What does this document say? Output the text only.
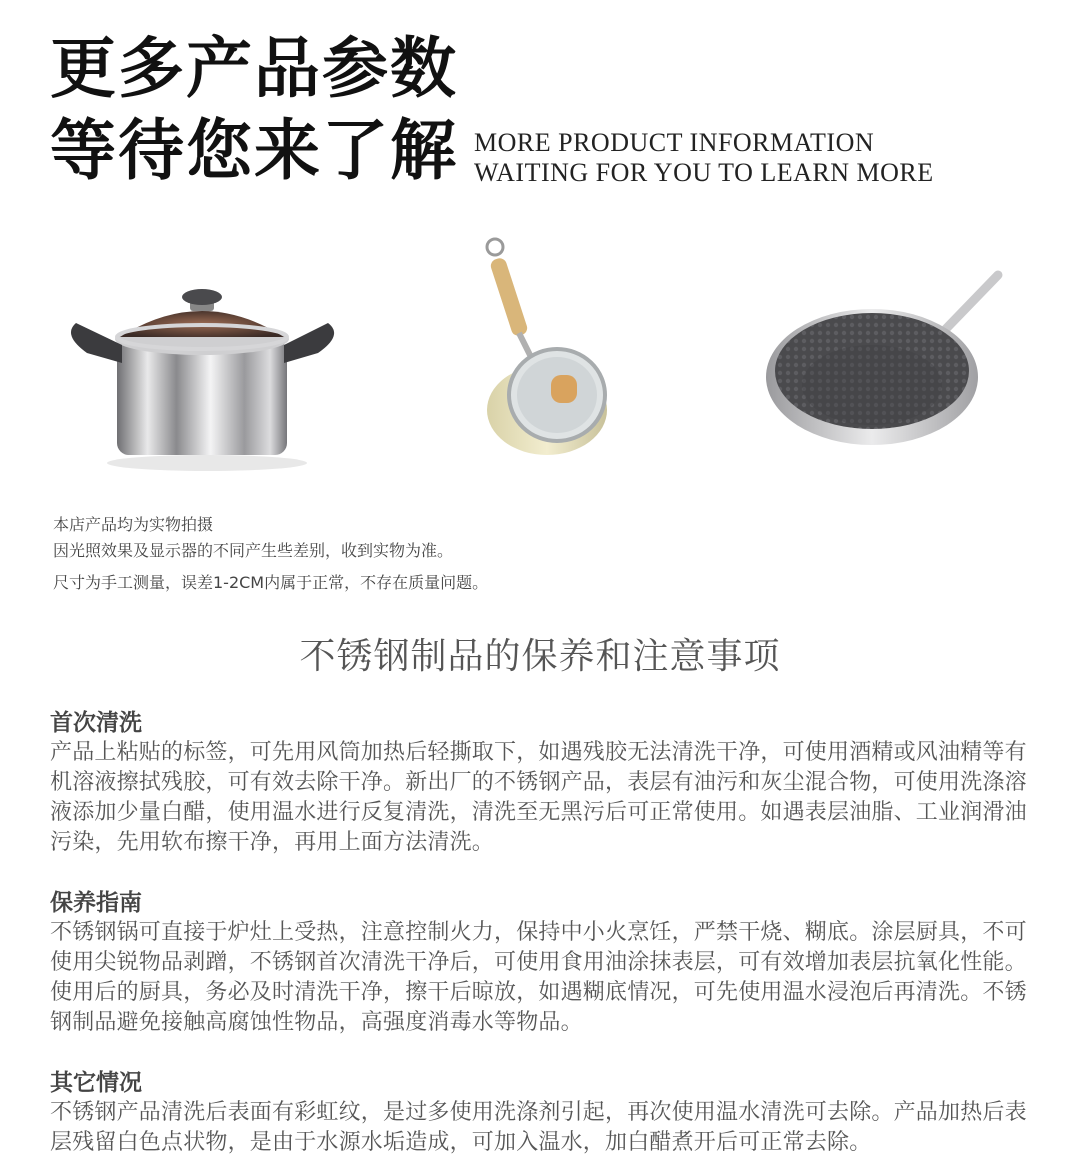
更多产品参数
等待您来了解 MORE PRODUCT INFORMATION
WAITING FOR YOU TO LEARN MORE
本店产品均为实物拍摄
因光照效果及显示器的不同产生些差别，收到实物为准。
尺寸为手工测量，误差1-2CM内属于正常，不存在质量问题。
不锈钢制品的保养和注意事项
首次清洗

产品上粘贴的标签，可先用风筒加热后轻撕取下，如遇残胶无法清洗干净，可使用酒精或风油精等有机溶液擦拭残胶，可有效去除干净。新出厂的不锈钢产品，表层有油污和灰尘混合物，可使用洗涤溶液添加少量白醋，使用温水进行反复清洗，清洗至无黑污后可正常使用。如遇表层油脂、工业润滑油污染，先用软布擦干净，再用上面方法清洗。

保养指南

不锈钢锅可直接于炉灶上受热，注意控制火力，保持中小火烹饪，严禁干烧、糊底。涂层厨具，不可使用尖锐物品剥蹭，不锈钢首次清洗干净后，可使用食用油涂抹表层，可有效增加表层抗氧化性能。使用后的厨具，务必及时清洗干净，擦干后晾放，如遇糊底情况，可先使用温水浸泡后再清洗。不锈钢制品避免接触高腐蚀性物品，高强度消毒水等物品。

其它情况

不锈钢产品清洗后表面有彩虹纹，是过多使用洗涤剂引起，再次使用温水清洗可去除。产品加热后表层残留白色点状物，是由于水源水垢造成，可加入温水，加白醋煮开后可正常去除。
